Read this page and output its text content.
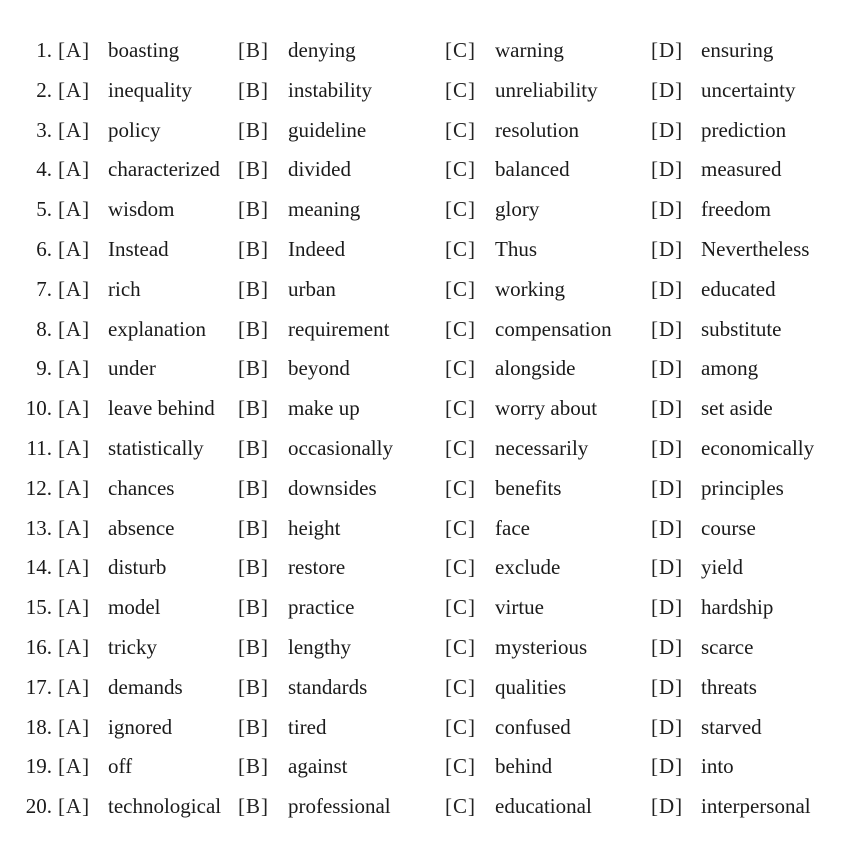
1. [A] boasting	[B] denying	[C] warning	[D] ensuring
2. [A] inequality [B] instability	[C] unreliability	[D] uncertainty
3. [A] policy	[B] guideline	[C] resolution	[D] prediction
4. [A] characterized [B] divided	[C] balanced	[D] measured
5. [A] wisdom	[B] meaning	[C] glory	[D] freedom
6. [A] Instead	[B] Indeed	[C] Thus	[D] Nevertheless
7. [A] rich	[B] urban	[C] working	[D] educated
8. [A] explanation [B] requirement	[C] compensation [D] substitute
9. [A] under	[B] beyond	[C] alongside	[D] among
10. [A] leave behind [B] make up	[C] worry about	[D] set aside
11. [A] statistically [B] occasionally [C] necessarily	[D] economically
12. [A] chances	[B] downsides	[C] benefits	[D] principles
13. [A] absence	[B] height	[C] face	[D] course
14. [A] disturb	[B] restore	[C] exclude	[D] yield
15. [A] model	[B] practice	[C] virtue	[D] hardship
16. [A] tricky	[B] lengthy	[C] mysterious	[D] scarce
17. [A] demands	[B] standards	[C] qualities	[D] threats
18. [A] ignored	[B] tired	[C] confused	[D] starved
19. [A] off	[B] against	[C] behind	[D] into
20. [A] technological [B] professional	[C] educational	[D] interpersonal
